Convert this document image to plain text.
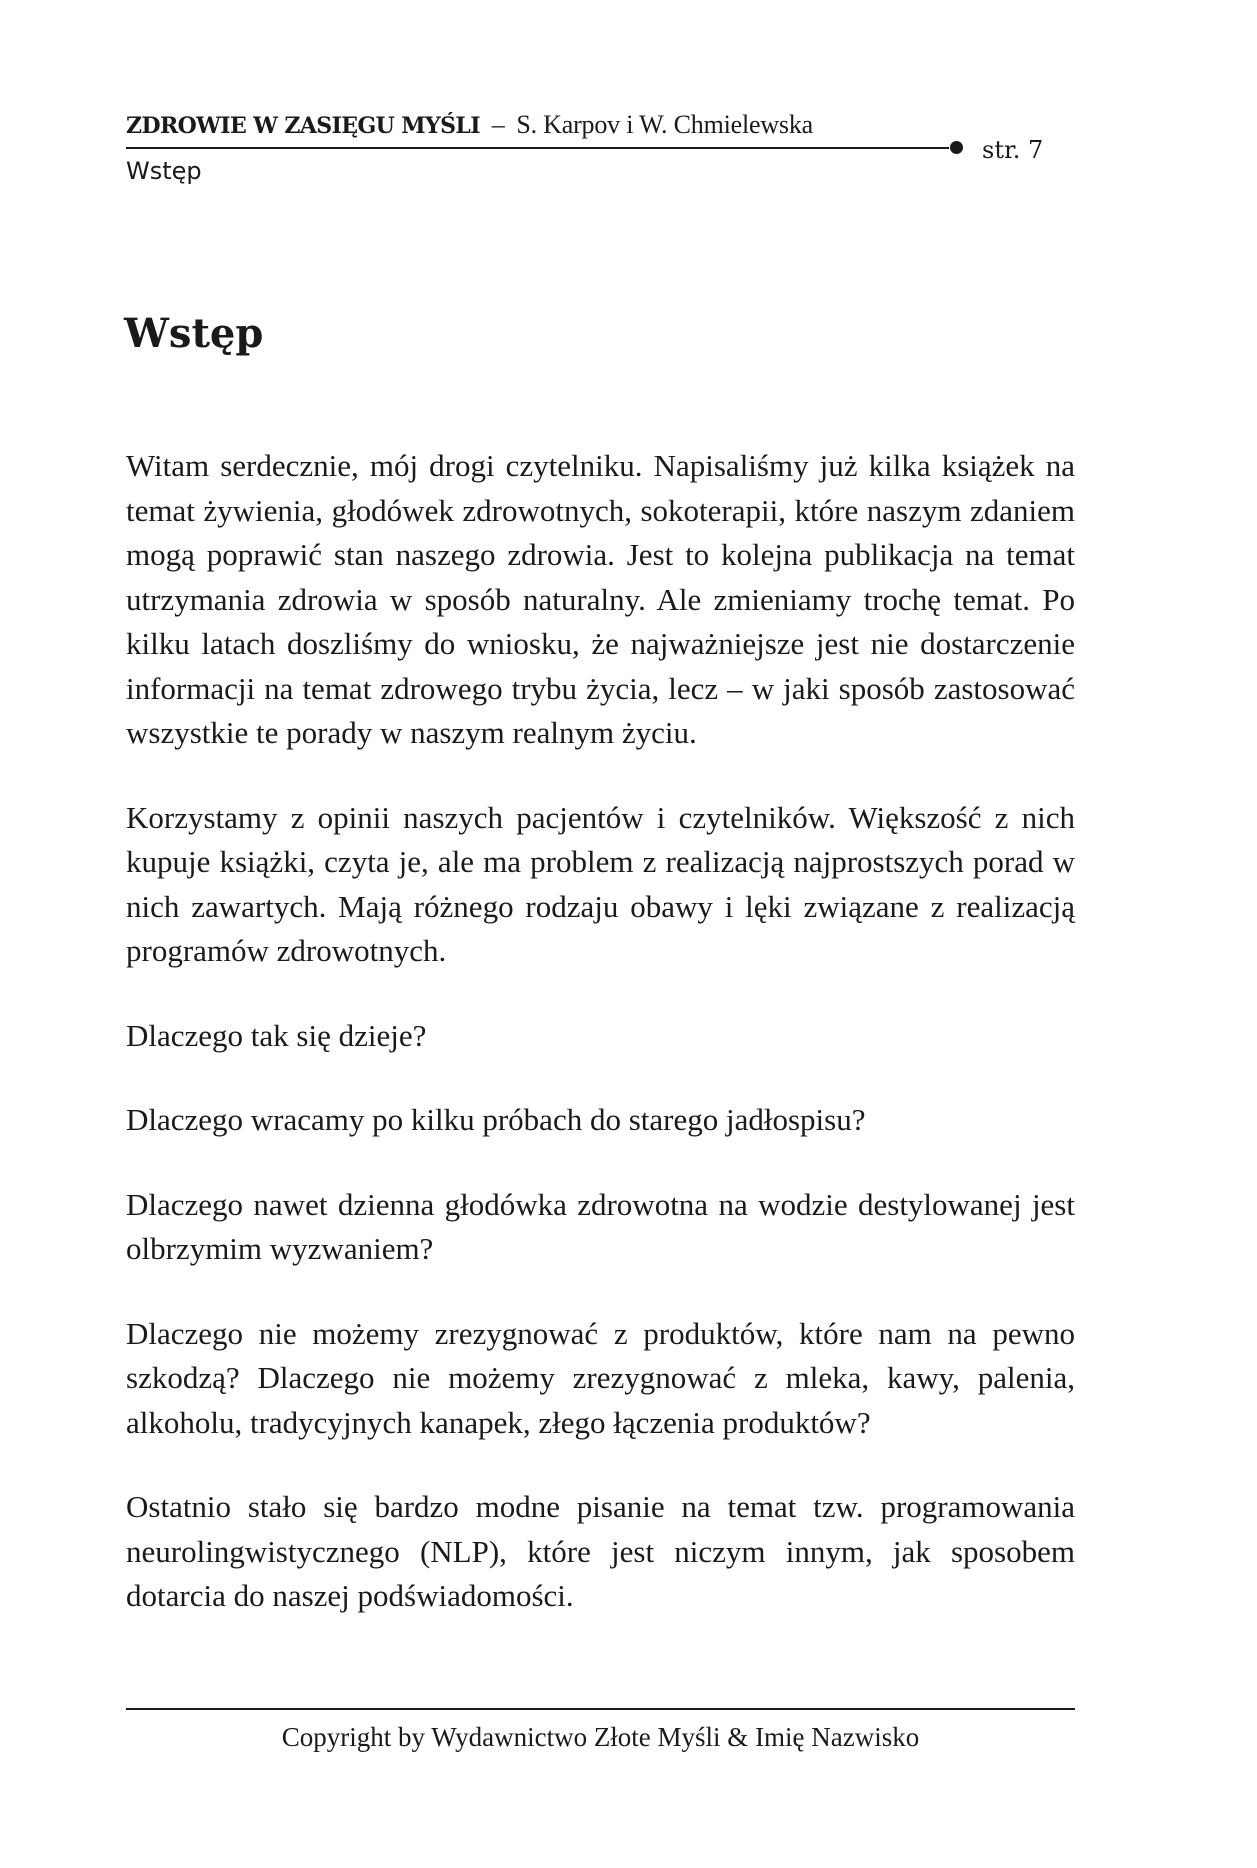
ZDROWIE W ZASIĘGU MYŚLI – S. Karpov i W. Chmielewska
str. 7
Wstęp
Wstęp

Witam serdecznie, mój drogi czytelniku. Napisaliśmy już kilka książek na temat żywienia, głodówek zdrowotnych, sokoterapii, które naszym zdaniem mogą poprawić stan naszego zdrowia. Jest to kolejna publikacja na temat utrzymania zdrowia w sposób naturalny. Ale zmieniamy trochę temat. Po kilku latach doszliśmy do wniosku, że najważniejsze jest nie dostarczenie informacji na temat zdrowego trybu życia, lecz – w jaki sposób zastosować wszystkie te porady w naszym realnym życiu.

Korzystamy z opinii naszych pacjentów i czytelników. Większość z nich kupuje książki, czyta je, ale ma problem z realizacją najprostszych porad w nich zawartych. Mają różnego rodzaju obawy i lęki związane z realizacją programów zdrowotnych.

Dlaczego tak się dzieje?

Dlaczego wracamy po kilku próbach do starego jadłospisu?

Dlaczego nawet dzienna głodówka zdrowotna na wodzie destylowanej jest olbrzymim wyzwaniem?

Dlaczego nie możemy zrezygnować z produktów, które nam na pewno szkodzą? Dlaczego nie możemy zrezygnować z mleka, kawy, palenia, alkoholu, tradycyjnych kanapek, złego łączenia produktów?

Ostatnio stało się bardzo modne pisanie na temat tzw. programowania neurolingwistycznego (NLP), które jest niczym innym, jak sposobem dotarcia do naszej podświadomości.

Copyright by Wydawnictwo Złote Myśli & Imię Nazwisko
